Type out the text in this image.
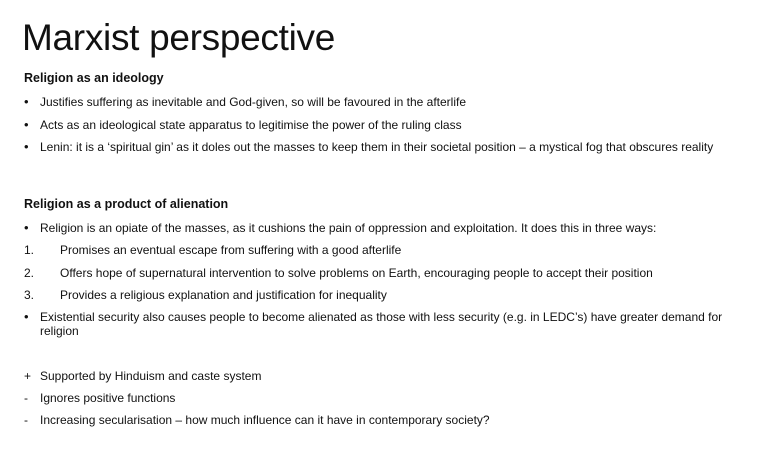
Marxist perspective
Religion as an ideology
• Justifies suffering as inevitable and God-given, so will be favoured in the afterlife
• Acts as an ideological state apparatus to legitimise the power of the ruling class
• Lenin: it is a ‘spiritual gin’ as it doles out the masses to keep them in their societal position – a mystical fog that obscures reality
Religion as a product of alienation
• Religion is an opiate of the masses, as it cushions the pain of oppression and exploitation. It does this in three ways:
1.	Promises an eventual escape from suffering with a good afterlife
2.	Offers hope of supernatural intervention to solve problems on Earth, encouraging people to accept their position
3.	Provides a religious explanation and justification for inequality
• Existential security also causes people to become alienated as those with less security (e.g. in LEDC’s) have greater demand for religion
+ Supported by Hinduism and caste system
-	Ignores positive functions
-	Increasing secularisation – how much influence can it have in contemporary society?
